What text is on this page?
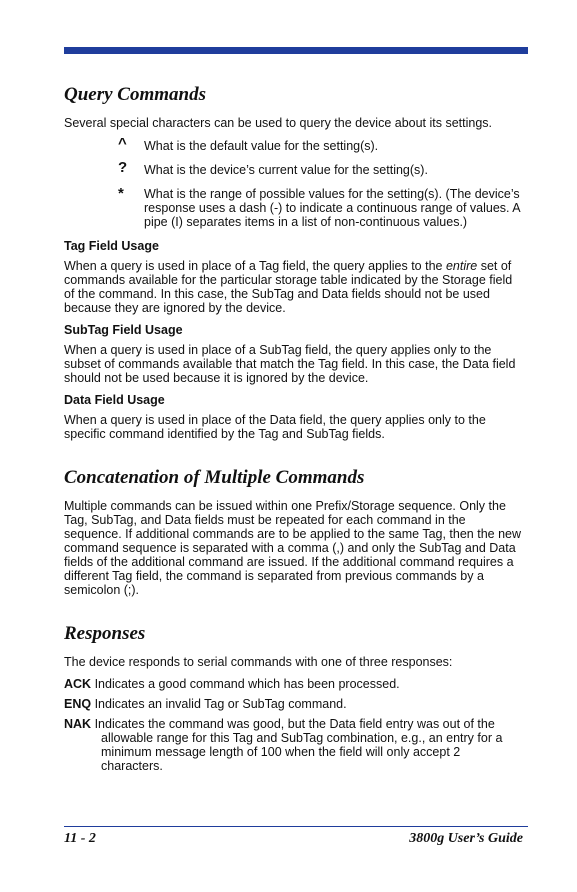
Query Commands

Several special characters can be used to query the device about its settings.

^ What is the default value for the setting(s).
? What is the device’s current value for the setting(s).
* What is the range of possible values for the setting(s). (The device’s response uses a dash (-) to indicate a continuous range of values. A pipe (I) separates items in a list of non-continuous values.)
Tag Field Usage

When a query is used in place of a Tag field, the query applies to the entire set of commands available for the particular storage table indicated by the Storage field of the command. In this case, the SubTag and Data fields should not be used because they are ignored by the device.

SubTag Field Usage

When a query is used in place of a SubTag field, the query applies only to the subset of commands available that match the Tag field. In this case, the Data field should not be used because it is ignored by the device.

Data Field Usage

When a query is used in place of the Data field, the query applies only to the specific command identified by the Tag and SubTag fields.

Concatenation of Multiple Commands

Multiple commands can be issued within one Prefix/Storage sequence. Only the Tag, SubTag, and Data fields must be repeated for each command in the sequence. If additional commands are to be applied to the same Tag, then the new command sequence is separated with a comma (,) and only the SubTag and Data fields of the additional command are issued. If the additional command requires a different Tag field, the command is separated from previous commands by a semicolon (;).

Responses

The device responds to serial commands with one of three responses:

ACK Indicates a good command which has been processed.
ENQ Indicates an invalid Tag or SubTag command.
NAK Indicates the command was good, but the Data field entry was out of the allowable range for this Tag and SubTag combination, e.g., an entry for a minimum message length of 100 when the field will only accept 2 characters.
11 - 2	3800g User’s Guide
